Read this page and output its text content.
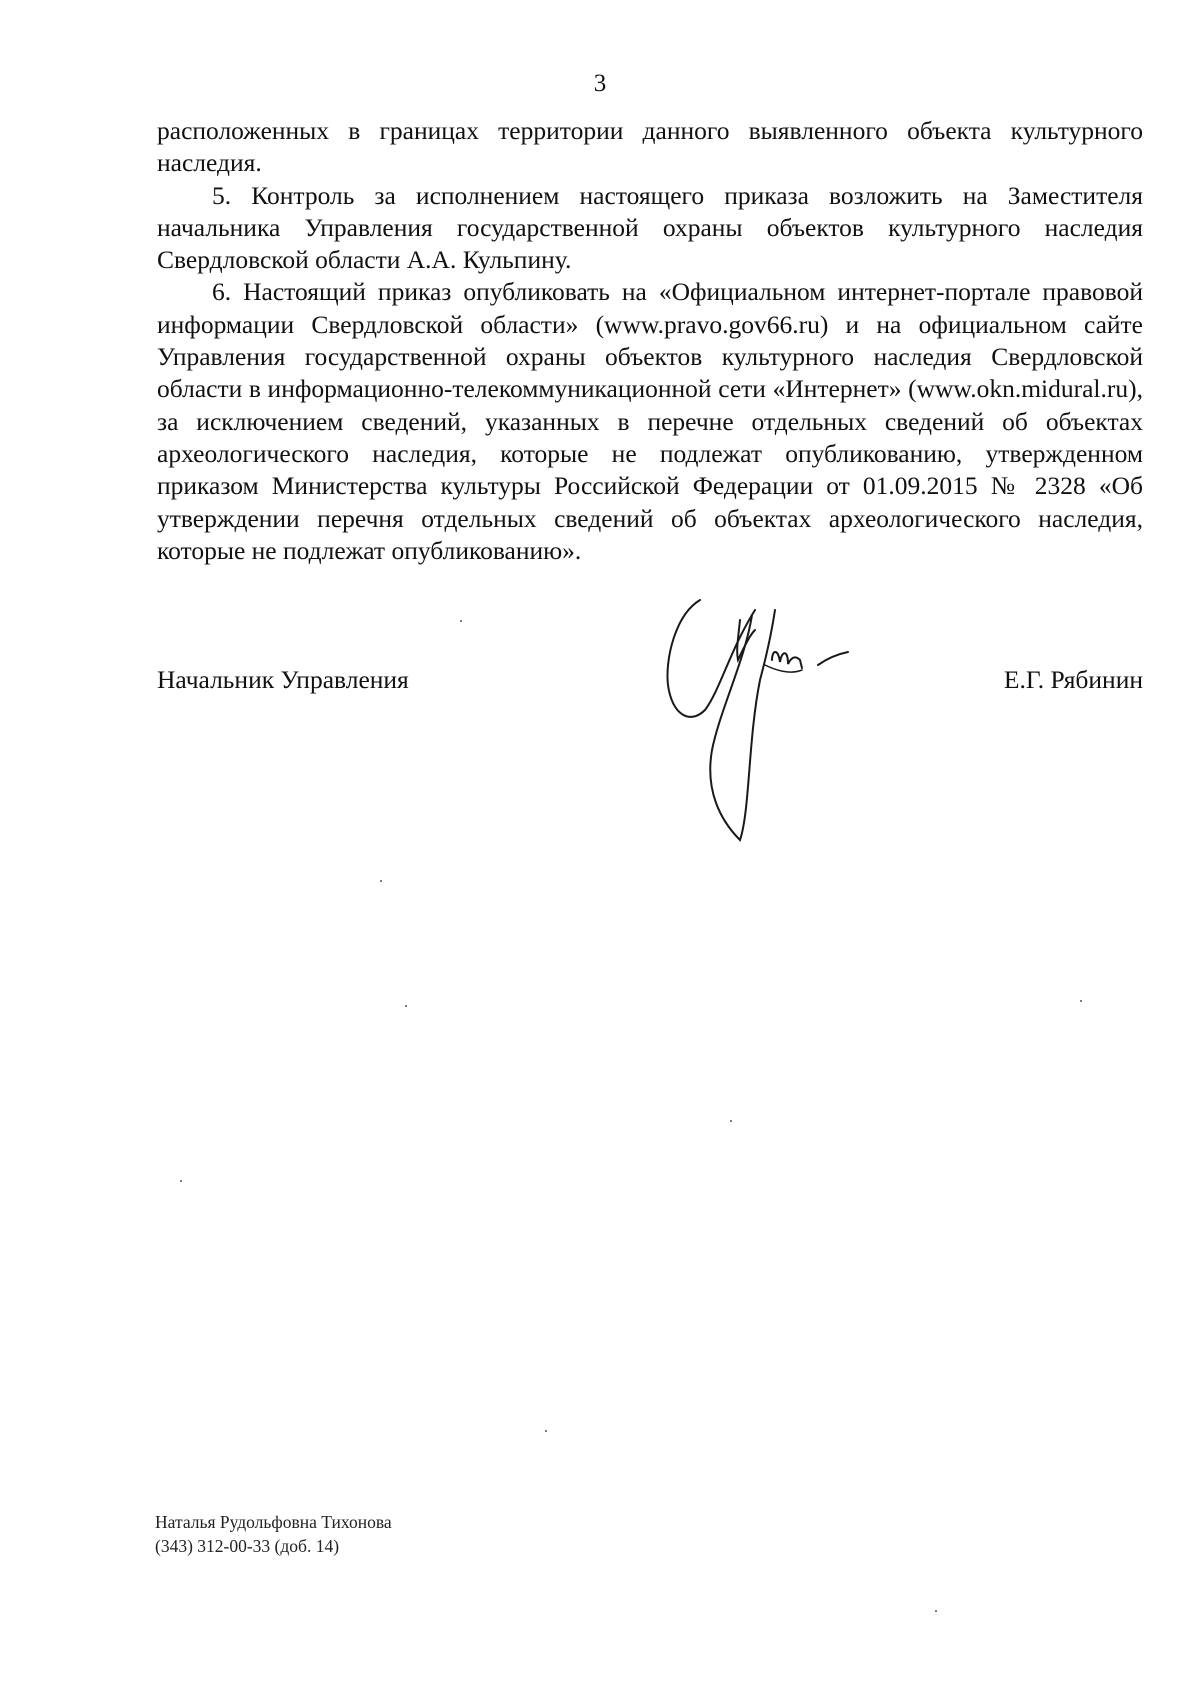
3

расположенных в границах территории данного выявленного объекта культурного наследия.

5. Контроль за исполнением настоящего приказа возложить на Заместителя начальника Управления государственной охраны объектов культурного наследия Свердловской области А.А. Кульпину.

6. Настоящий приказ опубликовать на «Официальном интернет-портале правовой информации Свердловской области» (www.pravo.gov66.ru) и на официальном сайте Управления государственной охраны объектов культурного наследия Свердловской области в информационно-телекоммуникационной сети «Интернет» (www.okn.midural.ru), за исключением сведений, указанных в перечне отдельных сведений об объектах археологического наследия, которые не подлежат опубликованию, утвержденном приказом Министерства культуры Российской Федерации от 01.09.2015 № 2328 «Об утверждении перечня отдельных сведений об объектах археологического наследия, которые не подлежат опубликованию».

Начальник Управления	Е.Г. Рябинин
Наталья Рудольфовна Тихонова
(343) 312-00-33 (доб. 14)
